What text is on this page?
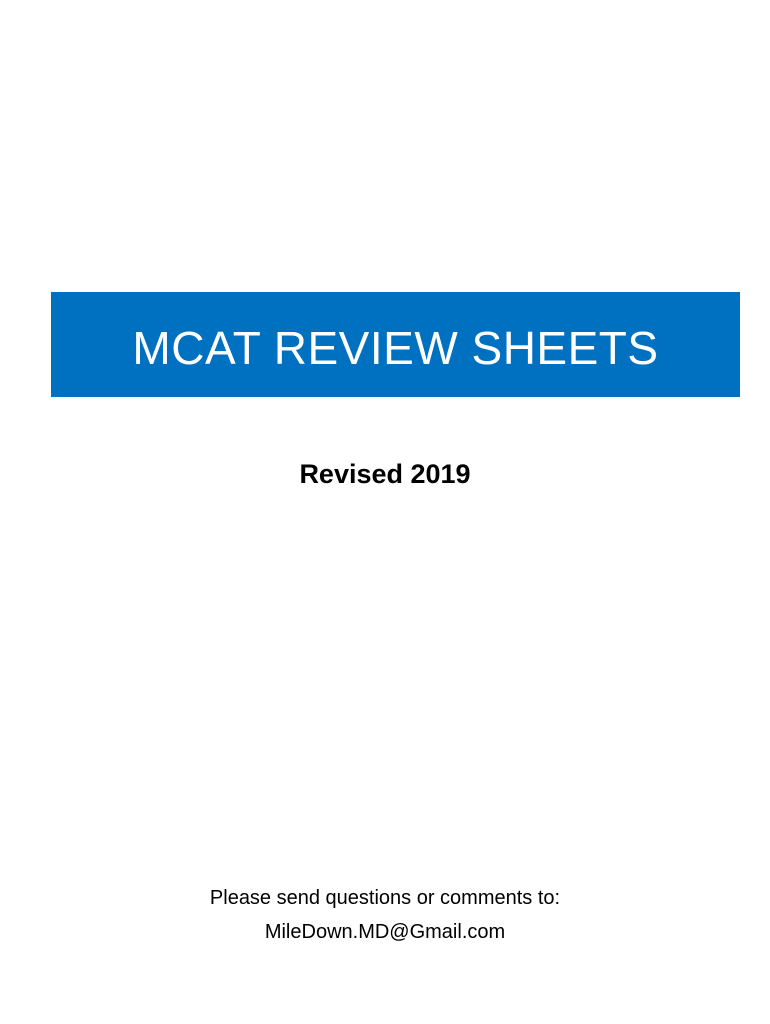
MCAT REVIEW SHEETS
Revised 2019
Please send questions or comments to:
MileDown.MD@Gmail.com
